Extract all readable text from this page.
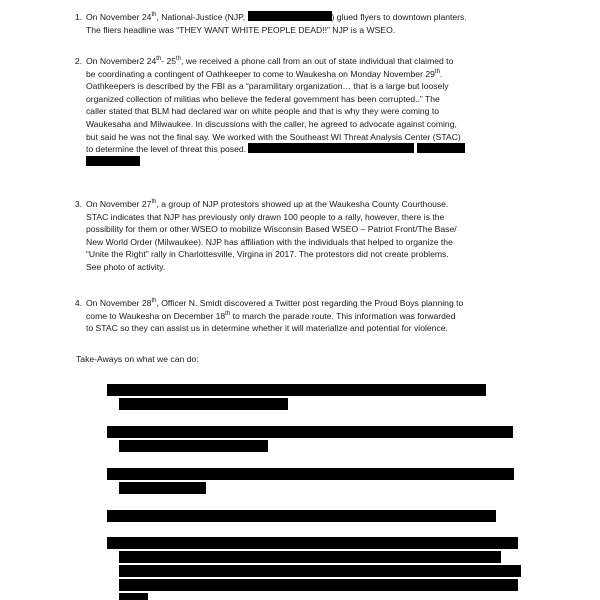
1. On November 24th, National-Justice (NJP,	) glued flyers to downtown planters.
The fliers headline was “THEY WANT WHITE PEOPLE DEAD!!” NJP is a WSEO.
2. On November2 24th- 25th, we received a phone call from an out of state individual that claimed to
be coordinating a contingent of Oathkeeper to come to Waukesha on Monday November 29th.
Oathkeepers is described by the FBI as a “paramilitary organization… that is a large but loosely
organized collection of militias who believe the federal government has been corrupted..” The
caller stated that BLM had declared war on white people and that is why they were coming to
Waukesaha and Milwaukee. In discussions with the caller, he agreed to advocate against coming,
but said he was not the final say. We worked with the Southeast WI Threat Analysis Center (STAC)
to determine the level of threat this posed.
3. On November 27th, a group of NJP protestors showed up at the Waukesha County Courthouse.
STAC indicates that NJP has previously only drawn 100 people to a rally, however, there is the
possibility for them or other WSEO to mobilize Wisconsin Based WSEO – Patriot Front/The Base/
New World Order (Milwaukee). NJP has affiliation with the individuals that helped to organize the
“Unite the Right” rally in Charlottesville, Virgina in 2017. The protestors did not create problems.
See photo of activity.
4. On November 28th, Officer N. Smidt discovered a Twitter post regarding the Proud Boys planning to
come to Waukesha on December 18th to march the parade route. This information was forwarded
to STAC so they can assist us in determine whether it will materialize and potential for violence.
Take-Aways on what we can do:
